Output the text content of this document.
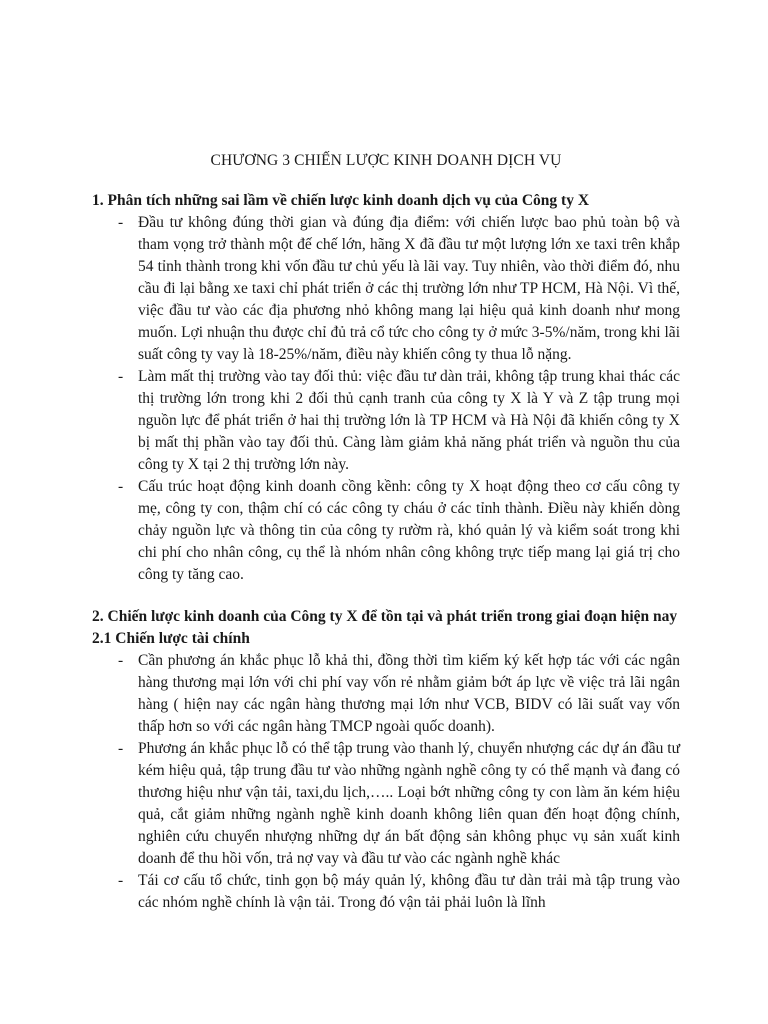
CHƯƠNG 3 CHIẾN LƯỢC KINH DOANH DỊCH VỤ

1. Phân tích những sai lầm về chiến lược kinh doanh dịch vụ của Công ty X

- Đầu tư không đúng thời gian và đúng địa điểm: với chiến lược bao phủ toàn bộ và tham vọng trở thành một đế chế lớn, hãng X đã đầu tư một lượng lớn xe taxi trên khắp 54 tỉnh thành trong khi vốn đầu tư chủ yếu là lãi vay. Tuy nhiên, vào thời điểm đó, nhu cầu đi lại bằng xe taxi chỉ phát triển ở các thị trường lớn như TP HCM, Hà Nội. Vì thế, việc đầu tư vào các địa phương nhỏ không mang lại hiệu quả kinh doanh như mong muốn. Lợi nhuận thu được chỉ đủ trả cổ tức cho công ty ở mức 3-5%/năm, trong khi lãi suất công ty vay là 18-25%/năm, điều này khiến công ty thua lỗ nặng.
- Làm mất thị trường vào tay đối thủ: việc đầu tư dàn trải, không tập trung khai thác các thị trường lớn trong khi 2 đối thủ cạnh tranh của công ty X là Y và Z tập trung mọi nguồn lực để phát triển ở hai thị trường lớn là TP HCM và Hà Nội đã khiến công ty X bị mất thị phần vào tay đối thủ. Càng làm giảm khả năng phát triển và nguồn thu của công ty X tại 2 thị trường lớn này.
- Cấu trúc hoạt động kinh doanh cồng kềnh: công ty X hoạt động theo cơ cấu công ty mẹ, công ty con, thậm chí có các công ty cháu ở các tỉnh thành. Điều này khiến dòng chảy nguồn lực và thông tin của công ty rườm rà, khó quản lý và kiểm soát trong khi chi phí cho nhân công, cụ thể là nhóm nhân công không trực tiếp mang lại giá trị cho công ty tăng cao.

2. Chiến lược kinh doanh của Công ty X để tồn tại và phát triển trong giai đoạn hiện nay

2.1 Chiến lược tài chính

- Cần phương án khắc phục lỗ khả thi, đồng thời tìm kiếm ký kết hợp tác với các ngân hàng thương mại lớn với chi phí vay vốn rẻ nhằm giảm bớt áp lực về việc trả lãi ngân hàng ( hiện nay các ngân hàng thương mại lớn như VCB, BIDV có lãi suất vay vốn thấp hơn so với các ngân hàng TMCP ngoài quốc doanh).
- Phương án khắc phục lỗ có thể tập trung vào thanh lý, chuyển nhượng các dự án đầu tư kém hiệu quả, tập trung đầu tư vào những ngành nghề công ty có thể mạnh và đang có thương hiệu như vận tải, taxi,du lịch,….. Loại bớt những công ty con làm ăn kém hiệu quả, cắt giảm những ngành nghề kinh doanh không liên quan đến hoạt động chính, nghiên cứu chuyển nhượng những dự án bất động sản không phục vụ sản xuất kinh doanh để thu hồi vốn, trả nợ vay và đầu tư vào các ngành nghề khác
- Tái cơ cấu tổ chức, tinh gọn bộ máy quản lý, không đầu tư dàn trải mà tập trung vào các nhóm nghề chính là vận tải. Trong đó vận tải phải luôn là lĩnh
